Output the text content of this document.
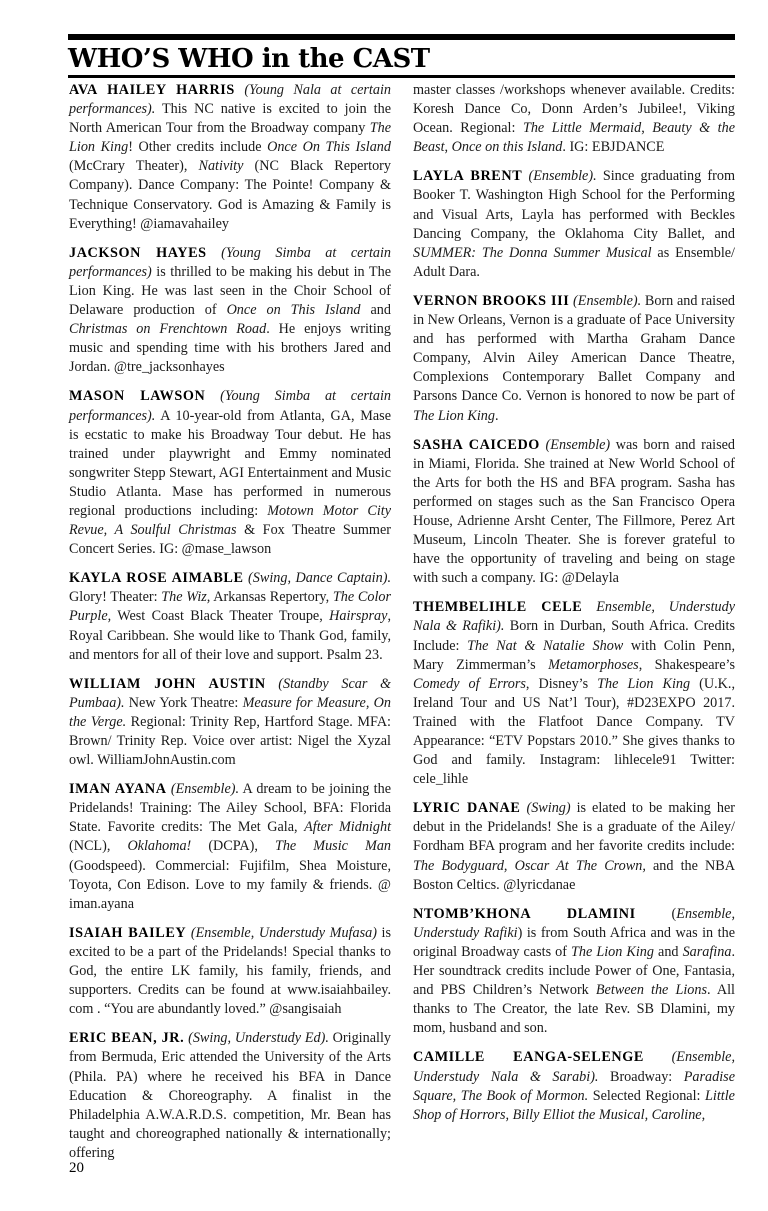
WHO’S WHO in the CAST

AVA HAILEY HARRIS (Young Nala at certain performances). This NC native is excited to join the North American Tour from the Broadway company The Lion King! Other credits include Once On This Island (McCrary Theater), Nativity (NC Black Repertory Company). Dance Company: The Pointe! Company & Technique Conservatory. God is Amazing & Family is Everything! @iamavahailey

JACKSON HAYES (Young Simba at certain performances) is thrilled to be making his debut in The Lion King. He was last seen in the Choir School of Delaware production of Once on This Island and Christmas on Frenchtown Road. He enjoys writing music and spending time with his brothers Jared and Jordan. @tre_jacksonhayes

MASON LAWSON (Young Simba at certain performances). A 10-year-old from Atlanta, GA, Mase is ecstatic to make his Broadway Tour debut. He has trained under playwright and Emmy nominated songwriter Stepp Stewart, AGI Entertainment and Music Studio Atlanta. Mase has performed in numerous regional productions including: Motown Motor City Revue, A Soulful Christmas & Fox Theatre Summer Concert Series. IG: @mase_lawson

KAYLA ROSE AIMABLE (Swing, Dance Captain). Glory! Theater: The Wiz, Arkansas Repertory, The Color Purple, West Coast Black Theater Troupe, Hairspray, Royal Caribbean. She would like to Thank God, family, and mentors for all of their love and support. Psalm 23.

WILLIAM JOHN AUSTIN (Standby Scar & Pumbaa). New York Theatre: Measure for Measure, On the Verge. Regional: Trinity Rep, Hartford Stage. MFA: Brown/ Trinity Rep. Voice over artist: Nigel the Xyzal owl. WilliamJohnAustin.com

IMAN AYANA (Ensemble). A dream to be joining the Pridelands! Training: The Ailey School, BFA: Florida State. Favorite credits: The Met Gala, After Midnight (NCL), Oklahoma! (DCPA), The Music Man (Goodspeed). Commercial: Fujifilm, Shea Moisture, Toyota, Con Edison. Love to my family & friends. @ iman.ayana

ISAIAH BAILEY (Ensemble, Understudy Mufasa) is excited to be a part of the Pridelands! Special thanks to God, the entire LK family, his family, friends, and supporters. Credits can be found at www.isaiahbailey. com . “You are abundantly loved.” @sangisaiah

ERIC BEAN, JR. (Swing, Understudy Ed). Originally from Bermuda, Eric attended the University of the Arts (Phila. PA) where he received his BFA in Dance Education & Choreography. A finalist in the Philadelphia A.W.A.R.D.S. competition, Mr. Bean has taught and choreographed nationally & internationally; offering

master classes /workshops whenever available. Credits: Koresh Dance Co, Donn Arden’s Jubilee!, Viking Ocean. Regional: The Little Mermaid, Beauty & the Beast, Once on this Island. IG: EBJDANCE

LAYLA BRENT (Ensemble). Since graduating from Booker T. Washington High School for the Performing and Visual Arts, Layla has performed with Beckles Dancing Company, the Oklahoma City Ballet, and SUMMER: The Donna Summer Musical as Ensemble/ Adult Dara.

VERNON BROOKS III (Ensemble). Born and raised in New Orleans, Vernon is a graduate of Pace University and has performed with Martha Graham Dance Company, Alvin Ailey American Dance Theatre, Complexions Contemporary Ballet Company and Parsons Dance Co. Vernon is honored to now be part of The Lion King.

SASHA CAICEDO (Ensemble) was born and raised in Miami, Florida. She trained at New World School of the Arts for both the HS and BFA program. Sasha has performed on stages such as the San Francisco Opera House, Adrienne Arsht Center, The Fillmore, Perez Art Museum, Lincoln Theater. She is forever grateful to have the opportunity of traveling and being on stage with such a company. IG: @Delayla

THEMBELIHLE CELE Ensemble, Understudy Nala & Rafiki). Born in Durban, South Africa. Credits Include: The Nat & Natalie Show with Colin Penn, Mary Zimmerman’s Metamorphoses, Shakespeare’s Comedy of Errors, Disney’s The Lion King (U.K., Ireland Tour and US Nat’l Tour), #D23EXPO 2017. Trained with the Flatfoot Dance Company. TV Appearance: “ETV Popstars 2010.” She gives thanks to God and family. Instagram: lihlecele91 Twitter: cele_lihle

LYRIC DANAE (Swing) is elated to be making her debut in the Pridelands! She is a graduate of the Ailey/ Fordham BFA program and her favorite credits include: The Bodyguard, Oscar At The Crown, and the NBA Boston Celtics. @lyricdanae

NTOMB’KHONA DLAMINI (Ensemble, Understudy Rafiki) is from South Africa and was in the original Broadway casts of The Lion King and Sarafina. Her soundtrack credits include Power of One, Fantasia, and PBS Children’s Network Between the Lions. All thanks to The Creator, the late Rev. SB Dlamini, my mom, husband and son.

CAMILLE EANGA-SELENGE (Ensemble, Understudy Nala & Sarabi). Broadway: Paradise Square, The Book of Mormon. Selected Regional: Little Shop of Horrors, Billy Elliot the Musical, Caroline,

20
